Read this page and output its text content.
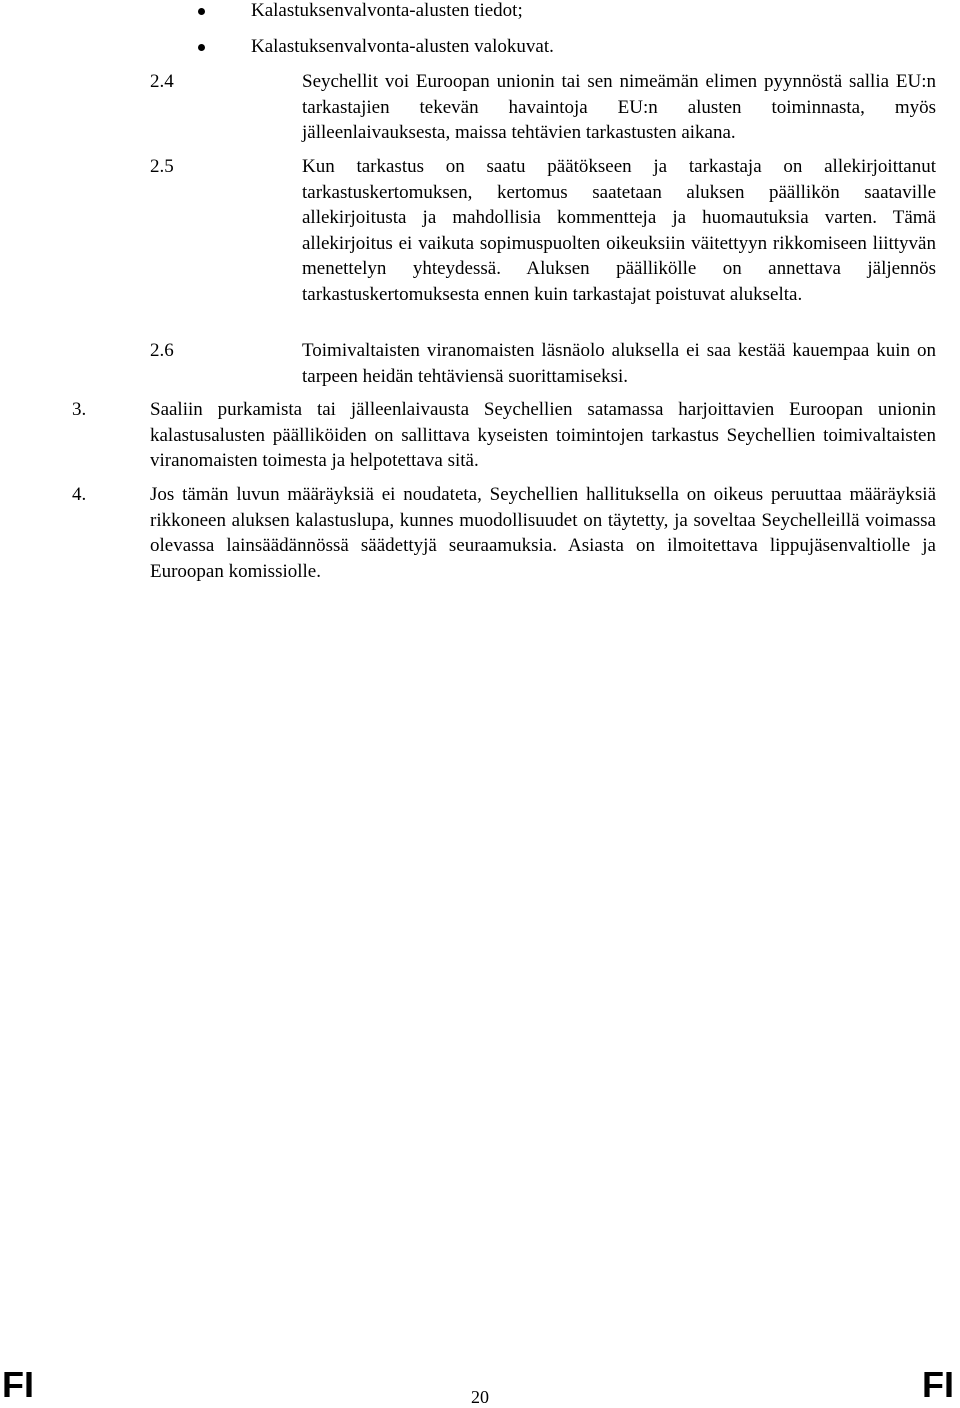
Kalastuksenvalvonta-alusten tiedot;
Kalastuksenvalvonta-alusten valokuvat.
2.4	Seychellit voi Euroopan unionin tai sen nimeämän elimen pyynnöstä sallia EU:n tarkastajien tekevän havaintoja EU:n alusten toiminnasta, myös jälleenlaivauksesta, maissa tehtävien tarkastusten aikana.
2.5	Kun tarkastus on saatu päätökseen ja tarkastaja on allekirjoittanut tarkastuskertomuksen, kertomus saatetaan aluksen päällikön saataville allekirjoitusta ja mahdollisia kommentteja ja huomautuksia varten. Tämä allekirjoitus ei vaikuta sopimuspuolten oikeuksiin väitettyyn rikkomiseen liittyvän menettelyn yhteydessä. Aluksen päällikölle on annettava jäljennös tarkastuskertomuksesta ennen kuin tarkastajat poistuvat alukselta.
2.6	Toimivaltaisten viranomaisten läsnäolo aluksella ei saa kestää kauempaa kuin on tarpeen heidän tehtäviensä suorittamiseksi.
3.	Saaliin purkamista tai jälleenlaivausta Seychellien satamassa harjoittavien Euroopan unionin kalastusalusten päälliköiden on sallittava kyseisten toimintojen tarkastus Seychellien toimivaltaisten viranomaisten toimesta ja helpotettava sitä.
4.	Jos tämän luvun määräyksiä ei noudateta, Seychellien hallituksella on oikeus peruuttaa määräyksiä rikkoneen aluksen kalastuslupa, kunnes muodollisuudet on täytetty, ja soveltaa Seychelleillä voimassa olevassa lainsäädännössä säädettyjä seuraamuksia. Asiasta on ilmoitettava lippujäsenvaltiolle ja Euroopan komissiolle.
FI	20	FI
